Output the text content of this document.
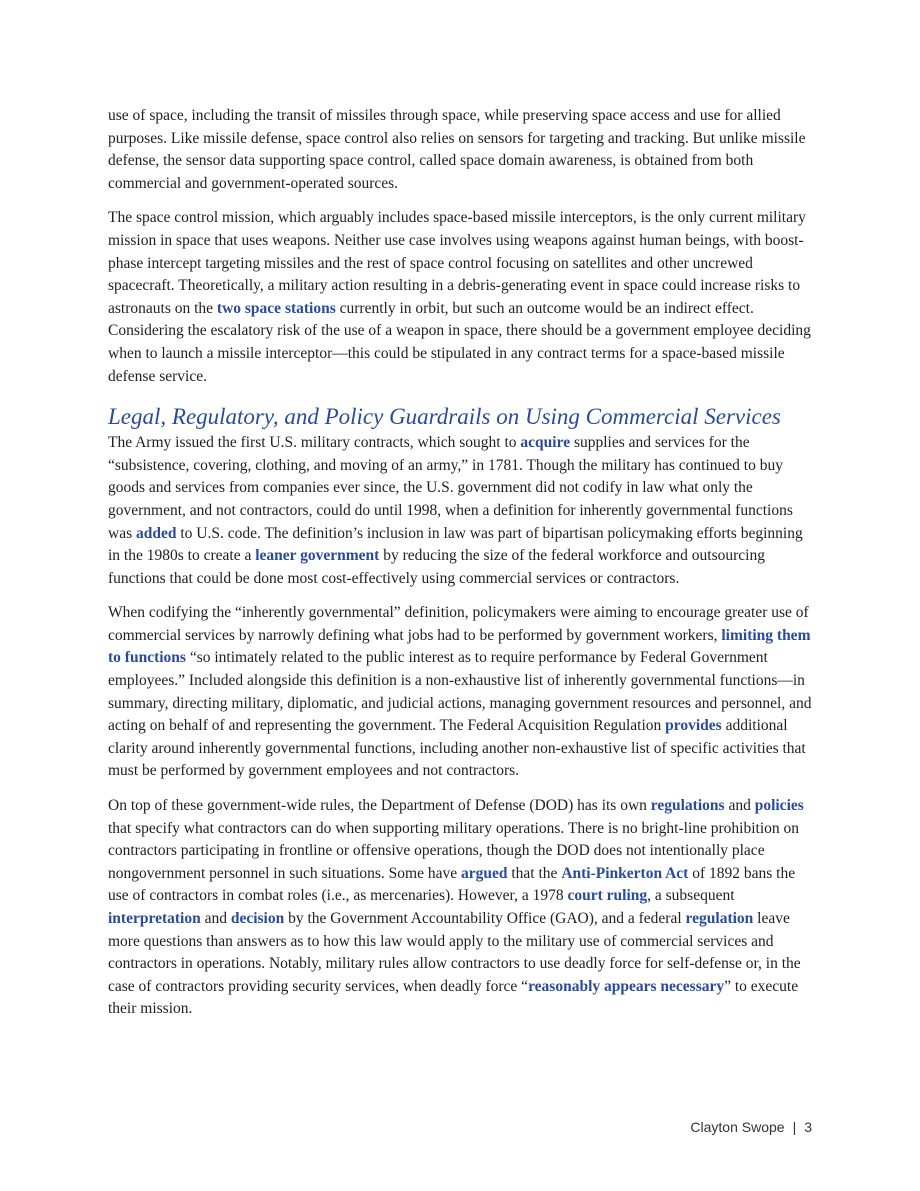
use of space, including the transit of missiles through space, while preserving space access and use for allied purposes. Like missile defense, space control also relies on sensors for targeting and tracking. But unlike missile defense, the sensor data supporting space control, called space domain awareness, is obtained from both commercial and government-operated sources.

The space control mission, which arguably includes space-based missile interceptors, is the only current military mission in space that uses weapons. Neither use case involves using weapons against human beings, with boost-phase intercept targeting missiles and the rest of space control focusing on satellites and other uncrewed spacecraft. Theoretically, a military action resulting in a debris-generating event in space could increase risks to astronauts on the two space stations currently in orbit, but such an outcome would be an indirect effect. Considering the escalatory risk of the use of a weapon in space, there should be a government employee deciding when to launch a missile interceptor—this could be stipulated in any contract terms for a space-based missile defense service.

Legal, Regulatory, and Policy Guardrails on Using Commercial Services

The Army issued the first U.S. military contracts, which sought to acquire supplies and services for the “subsistence, covering, clothing, and moving of an army,” in 1781. Though the military has continued to buy goods and services from companies ever since, the U.S. government did not codify in law what only the government, and not contractors, could do until 1998, when a definition for inherently governmental functions was added to U.S. code. The definition’s inclusion in law was part of bipartisan policymaking efforts beginning in the 1980s to create a leaner government by reducing the size of the federal workforce and outsourcing functions that could be done most cost-effectively using commercial services or contractors.

When codifying the “inherently governmental” definition, policymakers were aiming to encourage greater use of commercial services by narrowly defining what jobs had to be performed by government workers, limiting them to functions “so intimately related to the public interest as to require performance by Federal Government employees.” Included alongside this definition is a non-exhaustive list of inherently governmental functions—in summary, directing military, diplomatic, and judicial actions, managing government resources and personnel, and acting on behalf of and representing the government. The Federal Acquisition Regulation provides additional clarity around inherently governmental functions, including another non-exhaustive list of specific activities that must be performed by government employees and not contractors.

On top of these government-wide rules, the Department of Defense (DOD) has its own regulations and policies that specify what contractors can do when supporting military operations. There is no bright-line prohibition on contractors participating in frontline or offensive operations, though the DOD does not intentionally place nongovernment personnel in such situations. Some have argued that the Anti-Pinkerton Act of 1892 bans the use of contractors in combat roles (i.e., as mercenaries). However, a 1978 court ruling, a subsequent interpretation and decision by the Government Accountability Office (GAO), and a federal regulation leave more questions than answers as to how this law would apply to the military use of commercial services and contractors in operations. Notably, military rules allow contractors to use deadly force for self-defense or, in the case of contractors providing security services, when deadly force “reasonably appears necessary” to execute their mission.

Clayton Swope | 3
